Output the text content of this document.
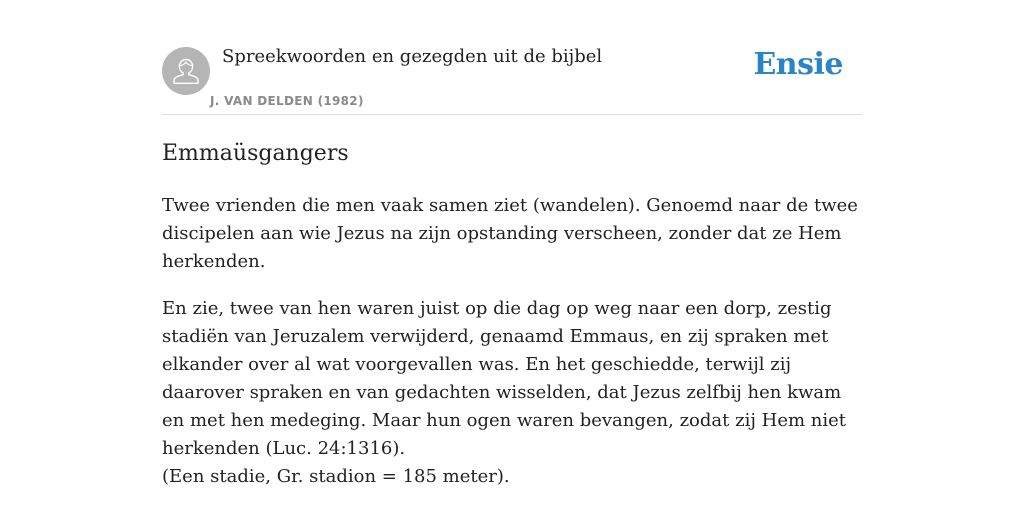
Spreekwoorden en gezegden uit de bijbel
J. VAN DELDEN (1982)
Ensie
Emmaüsgangers

Twee vrienden die men vaak samen ziet (wandelen). Genoemd naar de twee discipelen aan wie Jezus na zijn opstanding verscheen, zonder dat ze Hem herkenden.

En zie, twee van hen waren juist op die dag op weg naar een dorp, zestig stadiën van Jeruzalem verwijderd, genaamd Emmaus, en zij spraken met elkander over al wat voorgevallen was. En het geschiedde, terwijl zij daarover spraken en van gedachten wisselden, dat Jezus zelfbij hen kwam en met hen medeging. Maar hun ogen waren bevangen, zodat zij Hem niet herkenden (Luc. 24:1316).

(Een stadie, Gr. stadion = 185 meter).
